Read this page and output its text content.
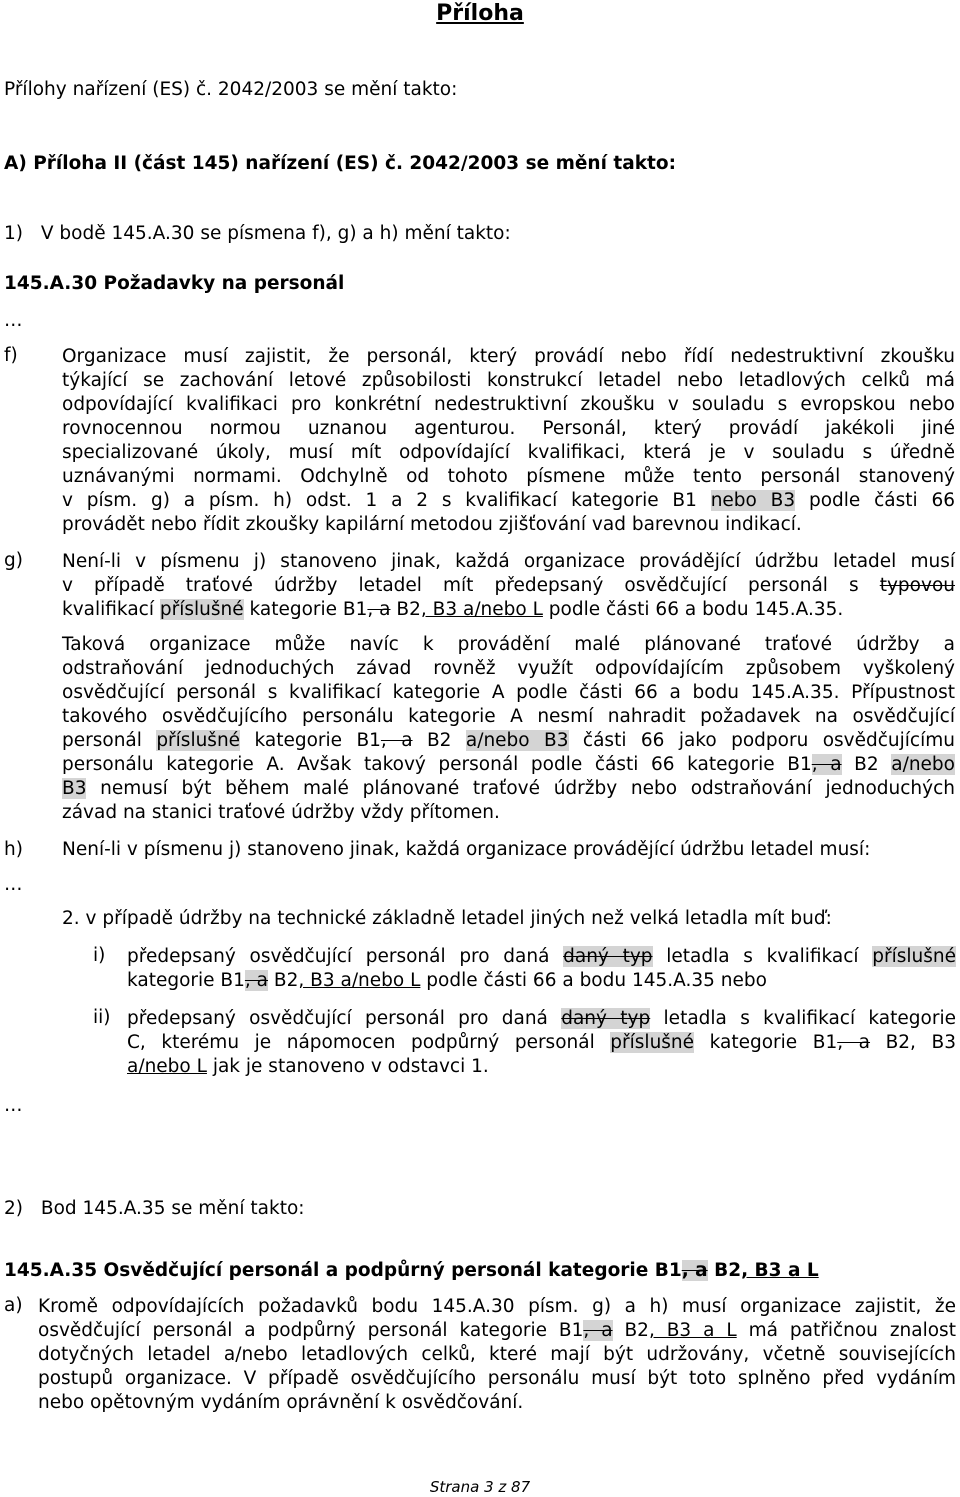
Příloha
Přílohy nařízení (ES) č. 2042/2003 se mění takto:
A) Příloha II (část 145) nařízení (ES) č. 2042/2003 se mění takto:
1) V bodě 145.A.30 se písmena f), g) a h) mění takto:
145.A.30 Požadavky na personál
…
f) Organizace musí zajistit, že personál, který provádí nebo řídí nedestruktivní zkoušku
týkající se zachování letové způsobilosti konstrukcí letadel nebo letadlových celků má
odpovídající kvalifikaci pro konkrétní nedestruktivní zkoušku v souladu s evropskou nebo
rovnocennou normou uznanou agenturou. Personál, který provádí jakékoli jiné
specializované úkoly, musí mít odpovídající kvalifikaci, která je v souladu s úředně
uznávanými normami. Odchylně od tohoto písmene může tento personál stanovený
v písm. g) a písm. h) odst. 1 a 2 s kvalifikací kategorie B1 nebo B3 podle části 66
provádět nebo řídit zkoušky kapilární metodou zjišťování vad barevnou indikací.
g) Není-li v písmenu j) stanoveno jinak, každá organizace provádějící údržbu letadel musí
v případě traťové údržby letadel mít předepsaný osvědčující personál s typovou
kvalifikací příslušné kategorie B1, a B2, B3 a/nebo L podle části 66 a bodu 145.A.35.
Taková organizace může navíc k provádění malé plánované traťové údržby a
odstraňování jednoduchých závad rovněž využít odpovídajícím způsobem vyškolený
osvědčující personál s kvalifikací kategorie A podle části 66 a bodu 145.A.35. Přípustnost
takového osvědčujícího personálu kategorie A nesmí nahradit požadavek na osvědčující
personál příslušné kategorie B1, a B2 a/nebo B3 části 66 jako podporu osvědčujícímu
personálu kategorie A. Avšak takový personál podle části 66 kategorie B1, a B2 a/nebo
B3 nemusí být během malé plánované traťové údržby nebo odstraňování jednoduchých
závad na stanici traťové údržby vždy přítomen.
h) Není-li v písmenu j) stanoveno jinak, každá organizace provádějící údržbu letadel musí:
…
2. v případě údržby na technické základně letadel jiných než velká letadla mít buď:
i) předepsaný osvědčující personál pro daná daný typ letadla s kvalifikací příslušné
kategorie B1, a B2, B3 a/nebo L podle části 66 a bodu 145.A.35 nebo
ii) předepsaný osvědčující personál pro daná daný typ letadla s kvalifikací kategorie
C, kterému je nápomocen podpůrný personál příslušné kategorie B1, a B2, B3
a/nebo L jak je stanoveno v odstavci 1.
…
2) Bod 145.A.35 se mění takto:
145.A.35 Osvědčující personál a podpůrný personál kategorie B1, a B2, B3 a L
a) Kromě odpovídajících požadavků bodu 145.A.30 písm. g) a h) musí organizace zajistit, že
osvědčující personál a podpůrný personál kategorie B1, a B2, B3 a L má patřičnou znalost
dotyčných letadel a/nebo letadlových celků, které mají být udržovány, včetně souvisejících
postupů organizace. V případě osvědčujícího personálu musí být toto splněno před vydáním
nebo opětovným vydáním oprávnění k osvědčování.
Strana 3 z 87
